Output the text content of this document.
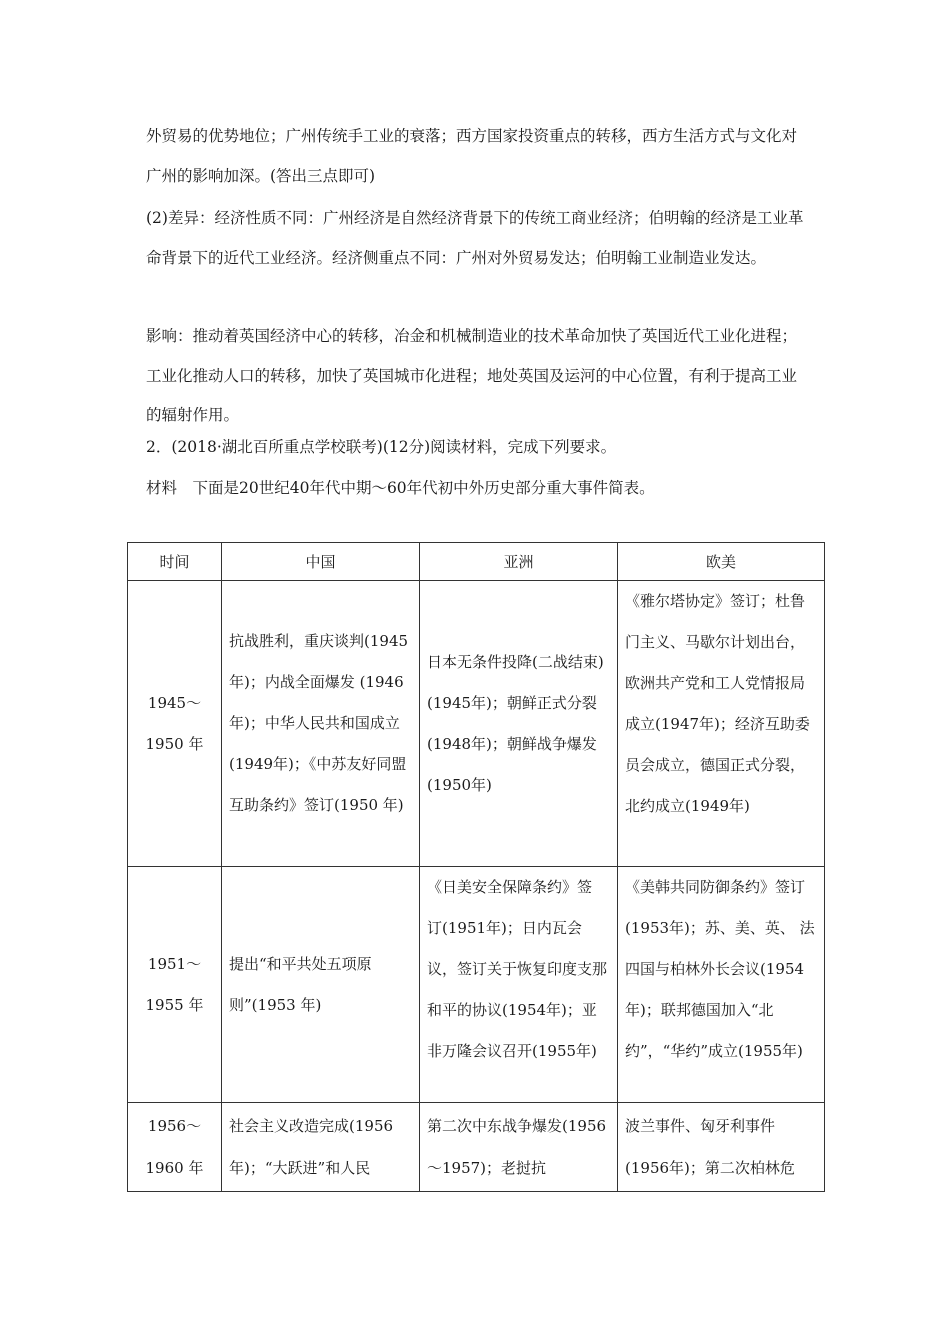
外贸易的优势地位；广州传统手工业的衰落；西方国家投资重点的转移，西方生活方式与文化对广州的影响加深。(答出三点即可)

(2)差异：经济性质不同：广州经济是自然经济背景下的传统工商业经济；伯明翰的经济是工业革命背景下的近代工业经济。经济侧重点不同：广州对外贸易发达；伯明翰工业制造业发达。

影响：推动着英国经济中心的转移，冶金和机械制造业的技术革命加快了英国近代工业化进程；工业化推动人口的转移，加快了英国城市化进程；地处英国及运河的中心位置，有利于提高工业的辐射作用。

2．(2018·湖北百所重点学校联考)(12分)阅读材料，完成下列要求。

材料　下面是20世纪40年代中期～60年代初中外历史部分重大事件简表。

时间	中国	亚洲	欧美
1945～1950 年	抗战胜利，重庆谈判(1945年)；内战全面爆发 (1946年)；中华人民共和国成立(1949年)；《中苏友好同盟互助条约》签订(1950 年)	日本无条件投降(二战结束)(1945年)；朝鲜正式分裂(1948年)；朝鲜战争爆发(1950年)	《雅尔塔协定》签订；杜鲁门主义、马歇尔计划出台，欧洲共产党和工人党情报局成立(1947年)；经济互助委员会成立，德国正式分裂，北约成立(1949年)
1951～1955 年	提出“和平共处五项原则”(1953 年)	《日美安全保障条约》签 订(1951年)；日内瓦会议，签订关于恢复印度支那和平的协议(1954年)；亚非万隆会议召开(1955年)	《美韩共同防御条约》签订(1953年)；苏、美、英、 法四国与柏林外长会议(1954年)；联邦德国加入“北约”，“华约”成立(1955年)
1956～1960 年	社会主义改造完成(1956年)；“大跃进”和人民	第二次中东战争爆发(1956～1957)；老挝抗	波兰事件、匈牙利事件(1956年)；第二次柏林危
